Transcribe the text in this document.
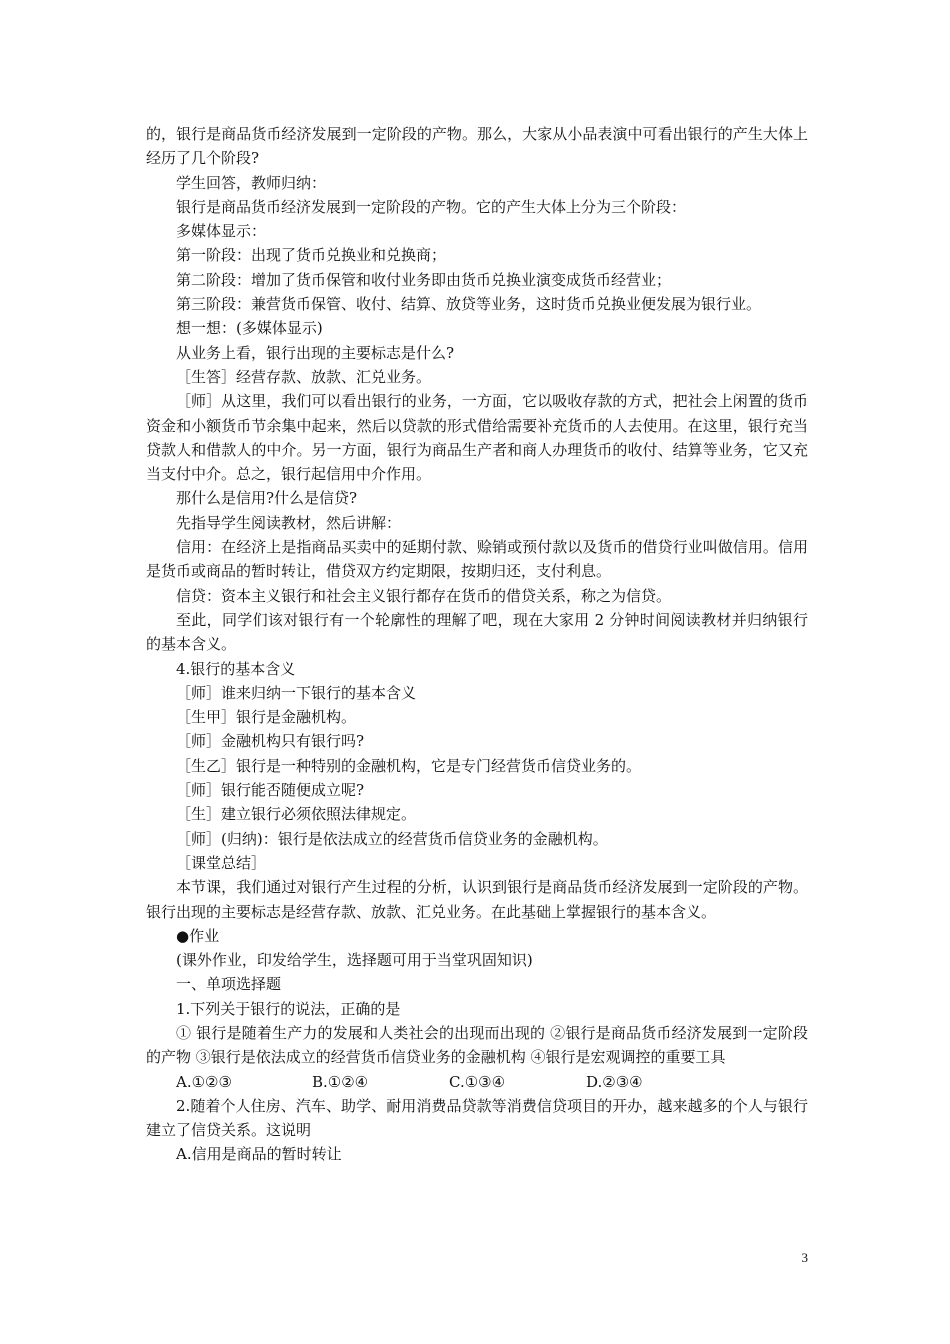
的，银行是商品货币经济发展到一定阶段的产物。那么，大家从小品表演中可看出银行的产生大体上经历了几个阶段?

学生回答，教师归纳：

银行是商品货币经济发展到一定阶段的产物。它的产生大体上分为三个阶段：

多媒体显示：

第一阶段：出现了货币兑换业和兑换商；

第二阶段：增加了货币保管和收付业务即由货币兑换业演变成货币经营业；

第三阶段：兼营货币保管、收付、结算、放贷等业务，这时货币兑换业便发展为银行业。

想一想：(多媒体显示)

从业务上看，银行出现的主要标志是什么?

［生答］经营存款、放款、汇兑业务。

［师］从这里，我们可以看出银行的业务，一方面，它以吸收存款的方式，把社会上闲置的货币资金和小额货币节余集中起来，然后以贷款的形式借给需要补充货币的人去使用。在这里，银行充当贷款人和借款人的中介。另一方面，银行为商品生产者和商人办理货币的收付、结算等业务，它又充当支付中介。总之，银行起信用中介作用。

那什么是信用?什么是信贷?

先指导学生阅读教材，然后讲解：

信用：在经济上是指商品买卖中的延期付款、赊销或预付款以及货币的借贷行业叫做信用。信用是货币或商品的暂时转让，借贷双方约定期限，按期归还，支付利息。

信贷：资本主义银行和社会主义银行都存在货币的借贷关系，称之为信贷。

至此，同学们该对银行有一个轮廓性的理解了吧，现在大家用 2 分钟时间阅读教材并归纳银行的基本含义。

4.银行的基本含义

［师］谁来归纳一下银行的基本含义

［生甲］银行是金融机构。

［师］金融机构只有银行吗?

［生乙］银行是一种特别的金融机构，它是专门经营货币信贷业务的。

［师］银行能否随便成立呢?

［生］建立银行必须依照法律规定。

［师］(归纳)：银行是依法成立的经营货币信贷业务的金融机构。

［课堂总结］

本节课，我们通过对银行产生过程的分析，认识到银行是商品货币经济发展到一定阶段的产物。银行出现的主要标志是经营存款、放款、汇兑业务。在此基础上掌握银行的基本含义。

●作业

(课外作业，印发给学生，选择题可用于当堂巩固知识)

一、单项选择题

1.下列关于银行的说法，正确的是

① 银行是随着生产力的发展和人类社会的出现而出现的 ②银行是商品货币经济发展到一定阶段的产物 ③银行是依法成立的经营货币信贷业务的金融机构 ④银行是宏观调控的重要工具

A.①②③	B.①②④	C.①③④	D.②③④

2.随着个人住房、汽车、助学、耐用消费品贷款等消费信贷项目的开办，越来越多的个人与银行建立了信贷关系。这说明

A.信用是商品的暂时转让

3
